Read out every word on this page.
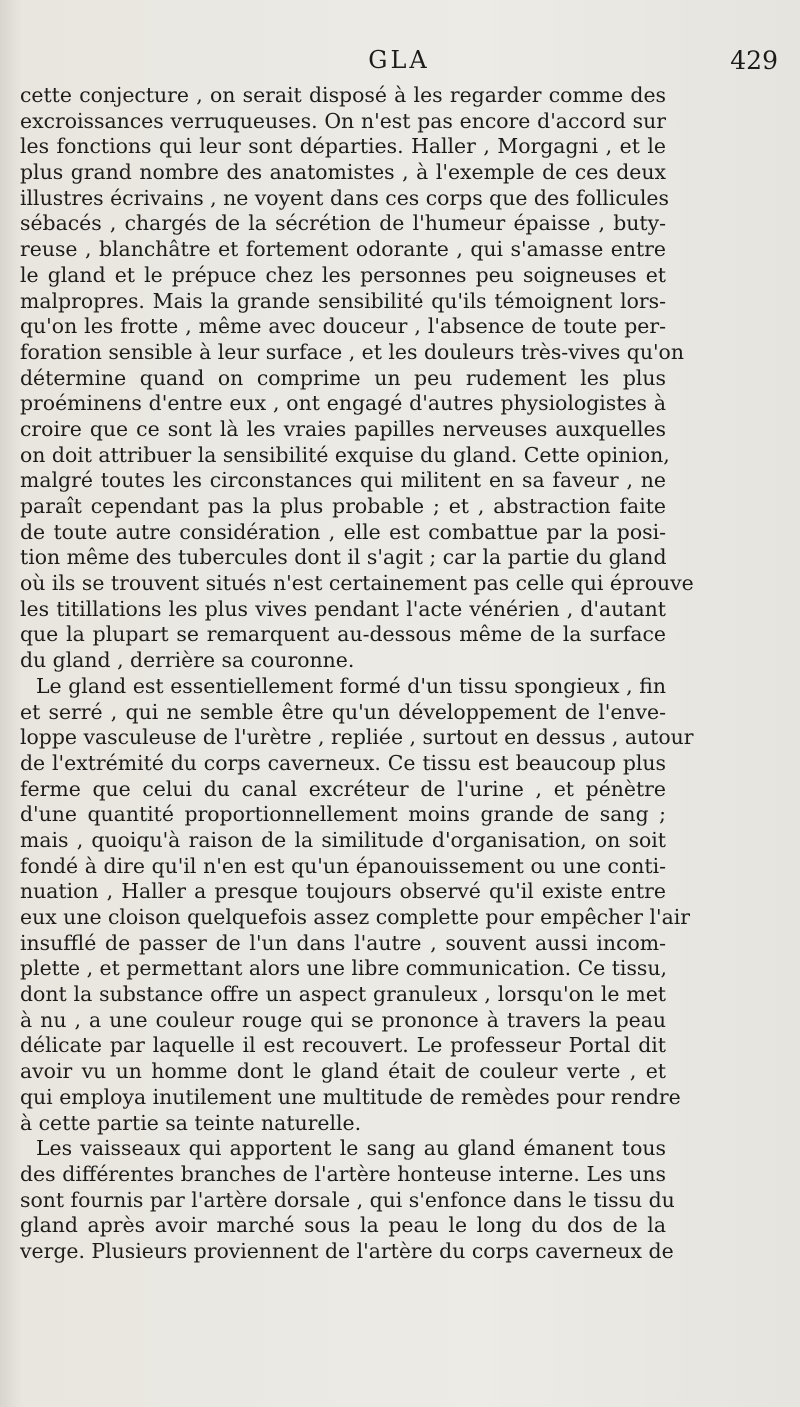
GLA	429
cette conjecture , on serait disposé à les regarder comme des
excroissances verruqueuses. On n'est pas encore d'accord sur
les fonctions qui leur sont départies. Haller , Morgagni , et le
plus grand nombre des anatomistes , à l'exemple de ces deux
illustres écrivains , ne voyent dans ces corps que des follicules
sébacés , chargés de la sécrétion de l'humeur épaisse , buty-
reuse , blanchâtre et fortement odorante , qui s'amasse entre
le gland et le prépuce chez les personnes peu soigneuses et
malpropres. Mais la grande sensibilité qu'ils témoignent lors-
qu'on les frotte , même avec douceur , l'absence de toute per-
foration sensible à leur surface , et les douleurs très-vives qu'on
détermine quand on comprime un peu rudement les plus
proéminens d'entre eux , ont engagé d'autres physiologistes à
croire que ce sont là les vraies papilles nerveuses auxquelles
on doit attribuer la sensibilité exquise du gland. Cette opinion,
malgré toutes les circonstances qui militent en sa faveur , ne
paraît cependant pas la plus probable ; et , abstraction faite
de toute autre considération , elle est combattue par la posi-
tion même des tubercules dont il s'agit ; car la partie du gland
où ils se trouvent situés n'est certainement pas celle qui éprouve
les titillations les plus vives pendant l'acte vénérien , d'autant
que la plupart se remarquent au-dessous même de la surface
du gland , derrière sa couronne.
Le gland est essentiellement formé d'un tissu spongieux , fin
et serré , qui ne semble être qu'un développement de l'enve-
loppe vasculeuse de l'urètre , repliée , surtout en dessus , autour
de l'extrémité du corps caverneux. Ce tissu est beaucoup plus
ferme que celui du canal excréteur de l'urine , et pénètre
d'une quantité proportionnellement moins grande de sang ;
mais , quoiqu'à raison de la similitude d'organisation, on soit
fondé à dire qu'il n'en est qu'un épanouissement ou une conti-
nuation , Haller a presque toujours observé qu'il existe entre
eux une cloison quelquefois assez complette pour empêcher l'air
insufflé de passer de l'un dans l'autre , souvent aussi incom-
plette , et permettant alors une libre communication. Ce tissu,
dont la substance offre un aspect granuleux , lorsqu'on le met
à nu , a une couleur rouge qui se prononce à travers la peau
délicate par laquelle il est recouvert. Le professeur Portal dit
avoir vu un homme dont le gland était de couleur verte , et
qui employa inutilement une multitude de remèdes pour rendre
à cette partie sa teinte naturelle.
Les vaisseaux qui apportent le sang au gland émanent tous
des différentes branches de l'artère honteuse interne. Les uns
sont fournis par l'artère dorsale , qui s'enfonce dans le tissu du
gland après avoir marché sous la peau le long du dos de la
verge. Plusieurs proviennent de l'artère du corps caverneux de
